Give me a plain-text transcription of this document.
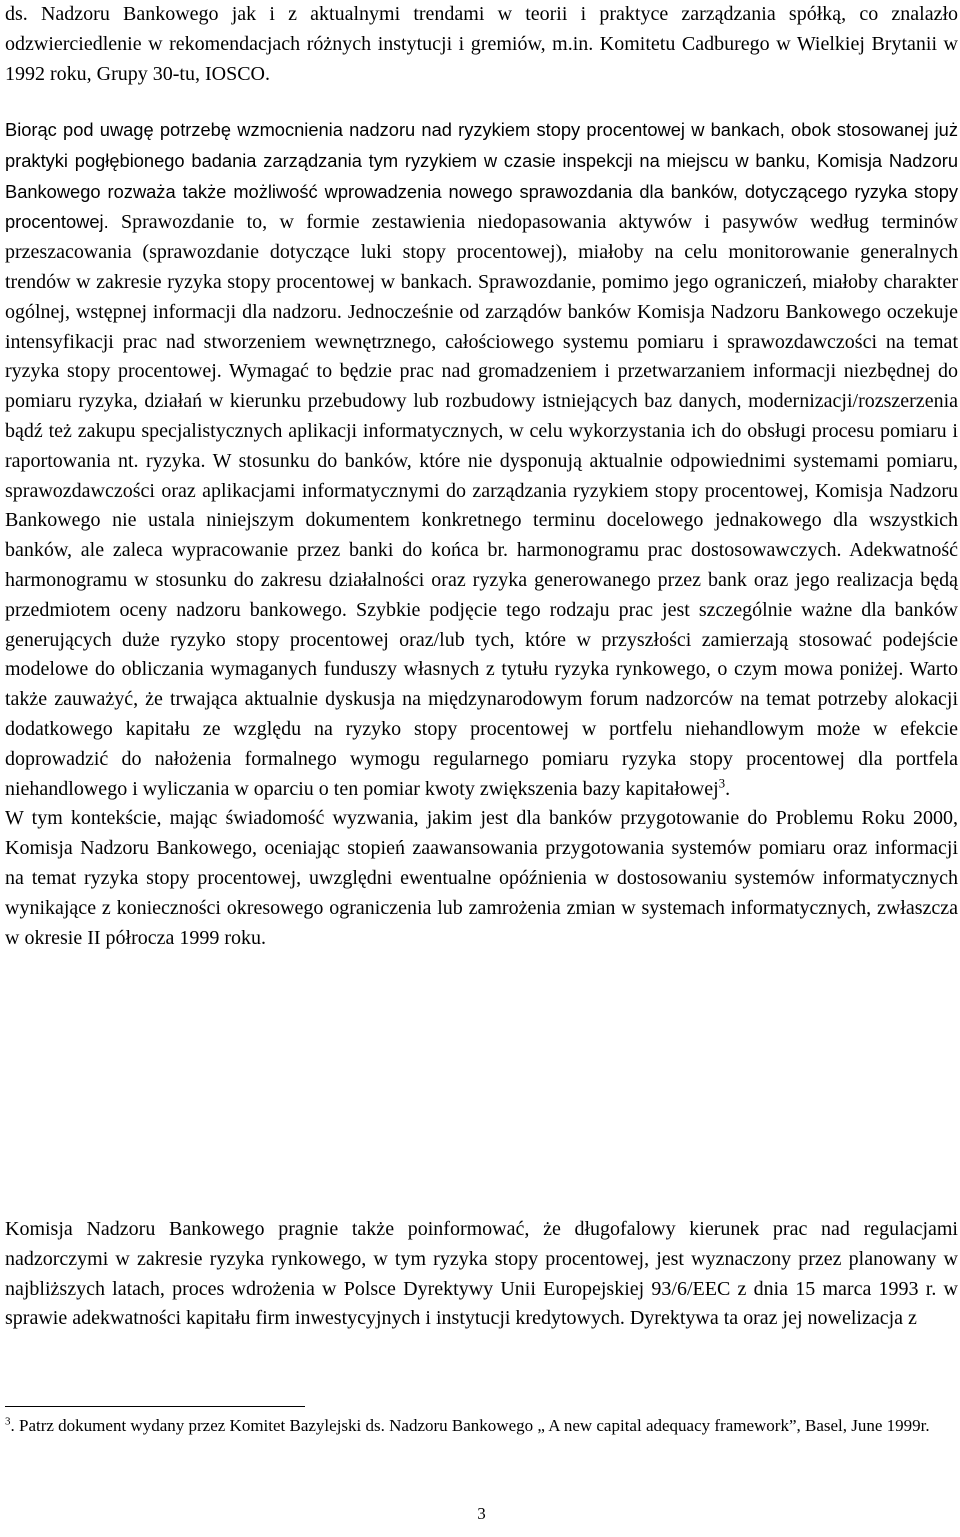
ds. Nadzoru Bankowego jak i z aktualnymi trendami w teorii i praktyce zarządzania spółką, co znalazło odzwierciedlenie w rekomendacjach różnych instytucji i gremiów, m.in. Komitetu Cadburego w Wielkiej Brytanii w 1992 roku, Grupy 30-tu, IOSCO.

Biorąc pod uwagę potrzebę wzmocnienia nadzoru nad ryzykiem stopy procentowej w bankach, obok stosowanej już praktyki pogłębionego badania zarządzania tym ryzykiem w czasie inspekcji na miejscu w banku, Komisja Nadzoru Bankowego rozważa także możliwość wprowadzenia nowego sprawozdania dla banków, dotyczącego ryzyka stopy procentowej. Sprawozdanie to, w formie zestawienia niedopasowania aktywów i pasywów według terminów przeszacowania (sprawozdanie dotyczące luki stopy procentowej), miałoby na celu monitorowanie generalnych trendów w zakresie ryzyka stopy procentowej w bankach. Sprawozdanie, pomimo jego ograniczeń, miałoby charakter ogólnej, wstępnej informacji dla nadzoru. Jednocześnie od zarządów banków Komisja Nadzoru Bankowego oczekuje intensyfikacji prac nad stworzeniem wewnętrznego, całościowego systemu pomiaru i sprawozdawczości na temat ryzyka stopy procentowej. Wymagać to będzie prac nad gromadzeniem i przetwarzaniem informacji niezbędnej do pomiaru ryzyka, działań w kierunku przebudowy lub rozbudowy istniejących baz danych, modernizacji/rozszerzenia bądź też zakupu specjalistycznych aplikacji informatycznych, w celu wykorzystania ich do obsługi procesu pomiaru i raportowania nt. ryzyka. W stosunku do banków, które nie dysponują aktualnie odpowiednimi systemami pomiaru, sprawozdawczości oraz aplikacjami informatycznymi do zarządzania ryzykiem stopy procentowej, Komisja Nadzoru Bankowego nie ustala niniejszym dokumentem konkretnego terminu docelowego jednakowego dla wszystkich banków, ale zaleca wypracowanie przez banki do końca br. harmonogramu prac dostosowawczych. Adekwatność harmonogramu w stosunku do zakresu działalności oraz ryzyka generowanego przez bank oraz jego realizacja będą przedmiotem oceny nadzoru bankowego. Szybkie podjęcie tego rodzaju prac jest szczególnie ważne dla banków generujących duże ryzyko stopy procentowej oraz/lub tych, które w przyszłości zamierzają stosować podejście modelowe do obliczania wymaganych funduszy własnych z tytułu ryzyka rynkowego, o czym mowa poniżej. Warto także zauważyć, że trwająca aktualnie dyskusja na międzynarodowym forum nadzorców na temat potrzeby alokacji dodatkowego kapitału ze względu na ryzyko stopy procentowej w portfelu niehandlowym może w efekcie doprowadzić do nałożenia formalnego wymogu regularnego pomiaru ryzyka stopy procentowej dla portfela niehandlowego i wyliczania w oparciu o ten pomiar kwoty zwiększenia bazy kapitałowej$^3$.
W tym kontekście, mając świadomość wyzwania, jakim jest dla banków przygotowanie do Problemu Roku 2000, Komisja Nadzoru Bankowego, oceniając stopień zaawansowania przygotowania systemów pomiaru oraz informacji na temat ryzyka stopy procentowej, uwzględni ewentualne opóźnienia w dostosowaniu systemów informatycznych wynikające z konieczności okresowego ograniczenia lub zamrożenia zmian w systemach informatycznych, zwłaszcza w okresie II półrocza 1999 roku.

Komisja Nadzoru Bankowego pragnie także poinformować, że długofalowy kierunek prac nad regulacjami nadzorczymi w zakresie ryzyka rynkowego, w tym ryzyka stopy procentowej, jest wyznaczony przez planowany w najbliższych latach, proces wdrożenia w Polsce Dyrektywy Unii Europejskiej 93/6/EEC z dnia 15 marca 1993 r. w sprawie adekwatności kapitału firm inwestycyjnych i instytucji kredytowych. Dyrektywa ta oraz jej nowelizacja z

$^3$. Patrz dokument wydany przez Komitet Bazylejski ds. Nadzoru Bankowego „ A new capital adequacy framework”, Basel, June 1999r.

3
